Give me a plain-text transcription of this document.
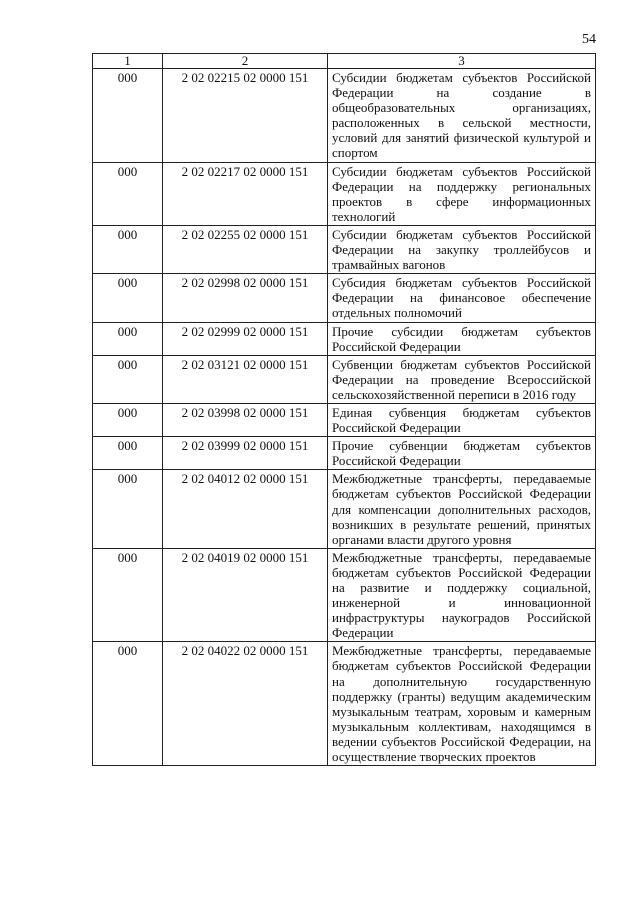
54
1	2	3
000	2 02 02215 02 0000 151	Субсидии бюджетам субъектов Российской Федерации на создание в общеобразовательных организациях, расположенных в сельской местности, условий для занятий физической культурой и спортом
000	2 02 02217 02 0000 151	Субсидии бюджетам субъектов Российской Федерации на поддержку региональных проектов в сфере информационных технологий
000	2 02 02255 02 0000 151	Субсидии бюджетам субъектов Российской Федерации на закупку троллейбусов и трамвайных вагонов
000	2 02 02998 02 0000 151	Субсидия бюджетам субъектов Российской Федерации на финансовое обеспечение отдельных полномочий
000	2 02 02999 02 0000 151	Прочие субсидии бюджетам субъектов Российской Федерации
000	2 02 03121 02 0000 151	Субвенции бюджетам субъектов Российской Федерации на проведение Всероссийской сельскохозяйственной переписи в 2016 году
000	2 02 03998 02 0000 151	Единая субвенция бюджетам субъектов Российской Федерации
000	2 02 03999 02 0000 151	Прочие субвенции бюджетам субъектов Российской Федерации
000	2 02 04012 02 0000 151	Межбюджетные трансферты, передаваемые бюджетам субъектов Российской Федерации для компенсации дополнительных расходов, возникших в результате решений, принятых органами власти другого уровня
000	2 02 04019 02 0000 151	Межбюджетные трансферты, передаваемые бюджетам субъектов Российской Федерации на развитие и поддержку социальной, инженерной и инновационной инфраструктуры наукоградов Российской Федерации
000	2 02 04022 02 0000 151	Межбюджетные трансферты, передаваемые бюджетам субъектов Российской Федерации на дополнительную государственную поддержку (гранты) ведущим академическим музыкальным театрам, хоровым и камерным музыкальным коллективам, находящимся в ведении субъектов Российской Федерации, на осуществление творческих проектов
